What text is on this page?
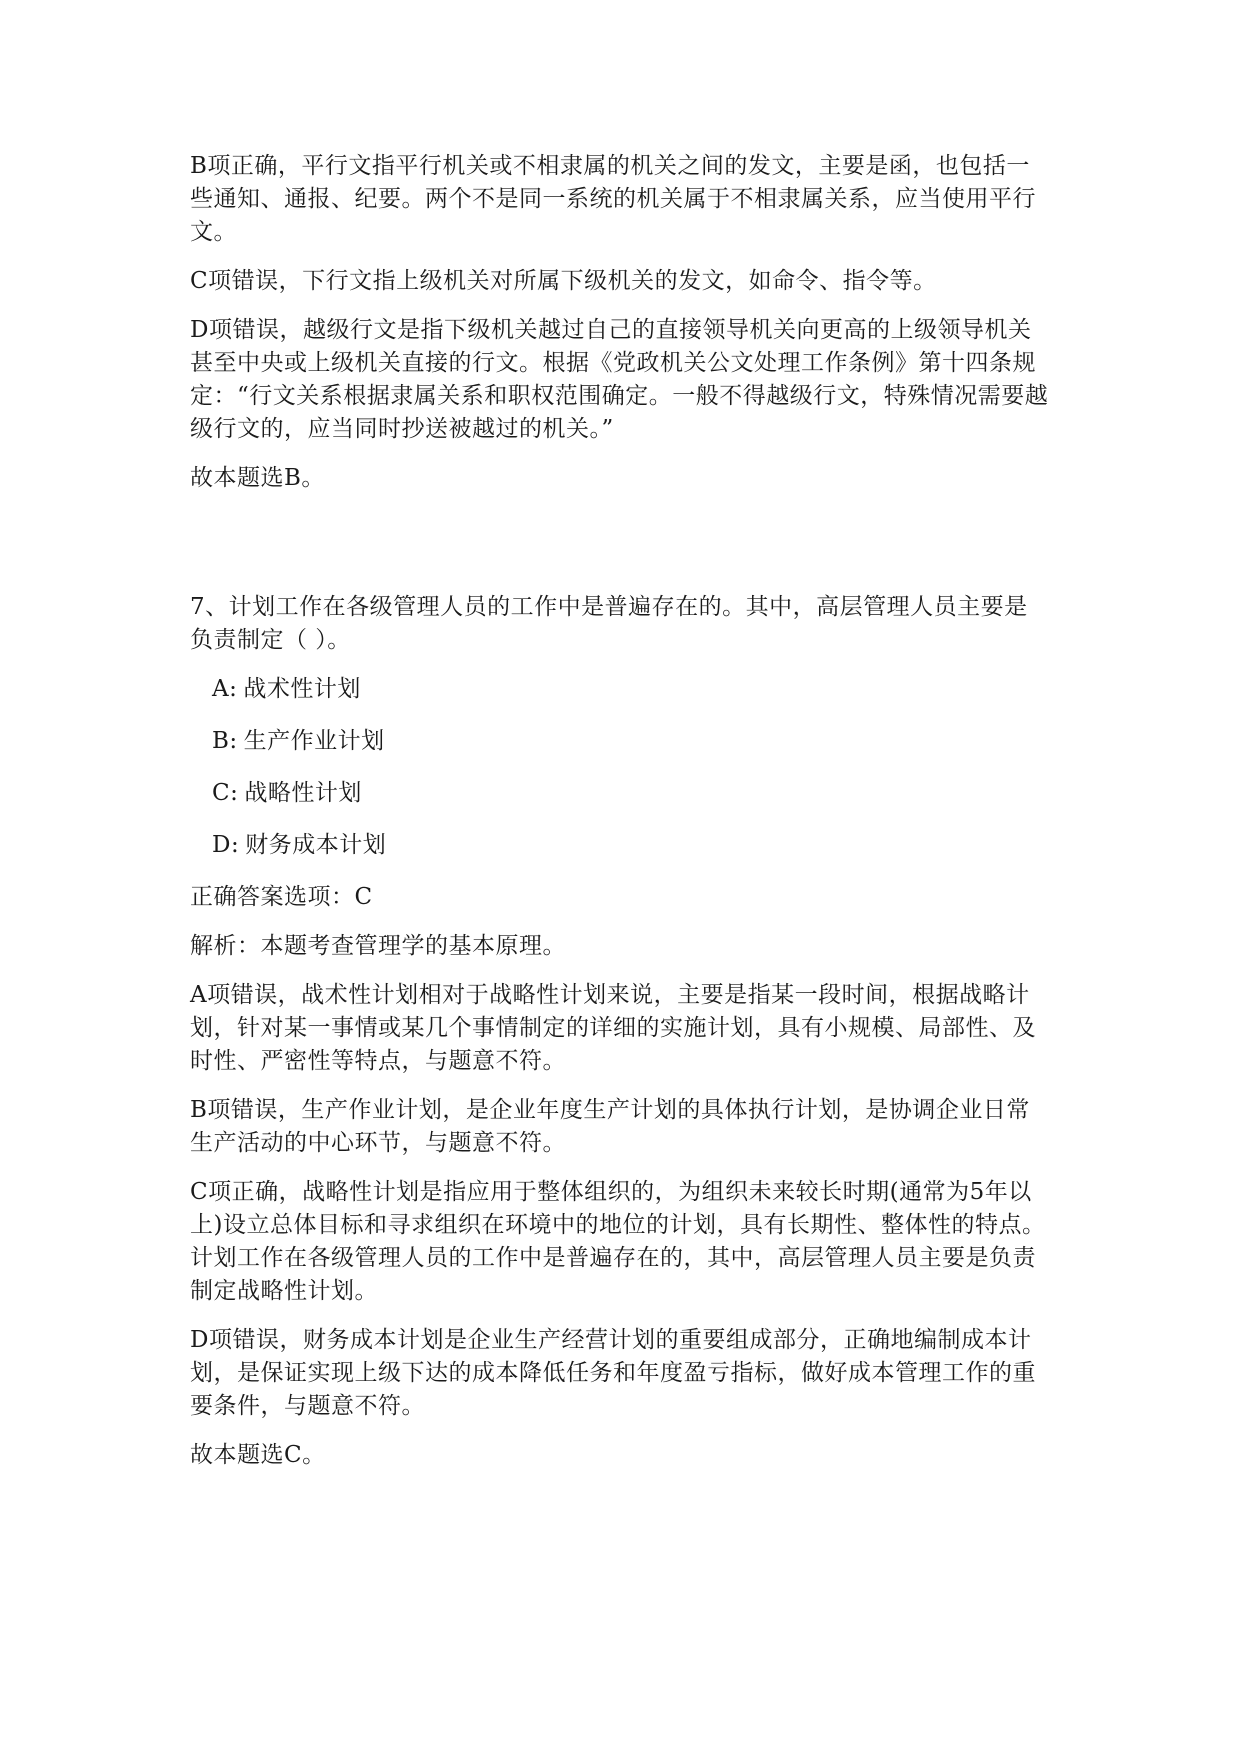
B项正确，平行文指平行机关或不相隶属的机关之间的发文，主要是函，也包括一些通知、通报、纪要。两个不是同一系统的机关属于不相隶属关系，应当使用平行文。

C项错误，下行文指上级机关对所属下级机关的发文，如命令、指令等。

D项错误，越级行文是指下级机关越过自己的直接领导机关向更高的上级领导机关甚至中央或上级机关直接的行文。根据《党政机关公文处理工作条例》第十四条规定：“行文关系根据隶属关系和职权范围确定。一般不得越级行文，特殊情况需要越级行文的，应当同时抄送被越过的机关。”

故本题选B。

7、计划工作在各级管理人员的工作中是普遍存在的。其中，高层管理人员主要是负责制定（ ）。

A: 战术性计划

B: 生产作业计划

C: 战略性计划

D: 财务成本计划

正确答案选项：C

解析：本题考查管理学的基本原理。

A项错误，战术性计划相对于战略性计划来说，主要是指某一段时间，根据战略计划，针对某一事情或某几个事情制定的详细的实施计划，具有小规模、局部性、及时性、严密性等特点，与题意不符。

B项错误，生产作业计划，是企业年度生产计划的具体执行计划，是协调企业日常生产活动的中心环节，与题意不符。

C项正确，战略性计划是指应用于整体组织的，为组织未来较长时期(通常为5年以上)设立总体目标和寻求组织在环境中的地位的计划，具有长期性、整体性的特点。计划工作在各级管理人员的工作中是普遍存在的，其中，高层管理人员主要是负责制定战略性计划。

D项错误，财务成本计划是企业生产经营计划的重要组成部分，正确地编制成本计划，是保证实现上级下达的成本降低任务和年度盈亏指标，做好成本管理工作的重要条件，与题意不符。

故本题选C。
